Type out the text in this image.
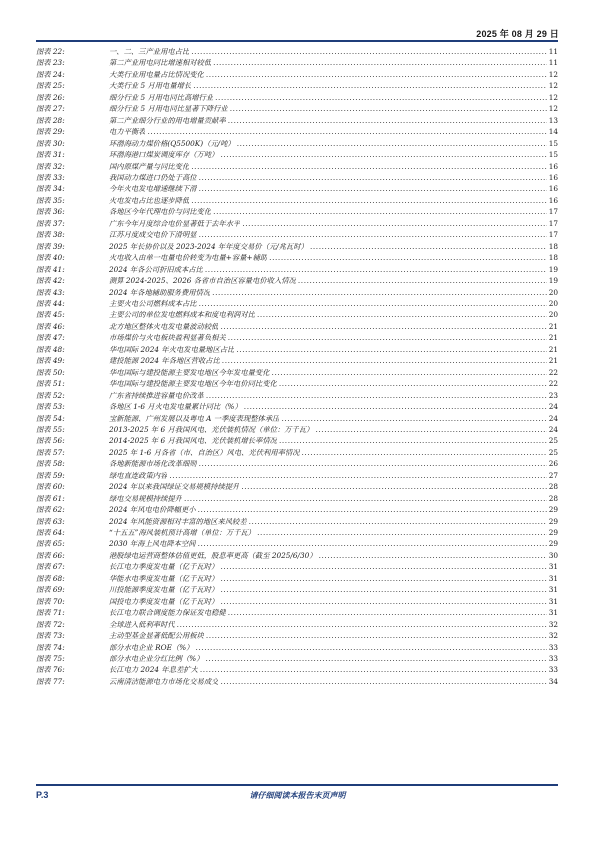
2025 年 08 月 29 日
图表 22:	一、二、三产业用电占比 .....	11
图表 23:	第二产业用电同比增速相对较低 .....	11
图表 24:	大类行业用电量占比情况变化 .....	12
图表 25:	大类行业 5 月用电量增长 .....	12
图表 26:	细分行业 5 月用电同比高增行业 .....	12
图表 27:	细分行业 5 月用电同比显著下降行业 .....	12
图表 28:	第二产业细分行业的用电增量贡献率 .....	13
图表 29:	电力平衡表 .....	14
图表 30:	环渤海动力煤价格(Q5500K)（元/吨） .....	15
图表 31:	环渤海港口煤炭调度库存（万吨） .....	15
图表 32:	国内原煤产量与同比变化 .....	16
图表 33:	我国动力煤进口仍处于高位 .....	16
图表 34:	今年火电发电增速继续下滑 .....	16
图表 35:	火电发电占比也逐步降低 .....	16
图表 36:	各地区今年代理电价与同比变化 .....	17
图表 37:	广东今年月度综合电价显著低于去年水平 .....	17
图表 38:	江苏月度成交电价下滑明显 .....	17
图表 39:	2025 年长协价以及 2023-2024 年年度交易价（元/兆瓦时） .....	18
图表 40:	火电收入由单一电量电价转变为电量+容量+辅助 .....	18
图表 41:	2024 年各公司折旧成本占比 .....	19
图表 42:	测算 2024-2025、2026 各省市自治区容量电价收入情况 .....	19
图表 43:	2024 年各地辅助服务费用情况 .....	20
图表 44:	主要火电公司燃料成本占比 .....	20
图表 45:	主要公司的单位发电燃料成本和度电利润对比 .....	20
图表 46:	北方地区整体火电发电量波动较低 .....	21
图表 47:	市场煤价与火电板块盈利显著负相关 .....	21
图表 48:	华电国际 2024 年火电发电量地区占比 .....	21
图表 49:	建投能源 2024 年各地区营收占比 .....	21
图表 50:	华电国际与建投能源主要发电地区今年发电量变化 .....	22
图表 51:	华电国际与建投能源主要发电地区今年电价同比变化 .....	22
图表 52:	广东省持续推进容量电价改革 .....	23
图表 53:	各地区 1-6 月火电发电量累计同比（%） .....	24
图表 54:	宝新能源、广州发展以及粤电 A 一季度表现整体承压 .....	24
图表 55:	2013-2025 年 6 月我国风电、光伏装机情况（单位：万千瓦） .....	24
图表 56:	2014-2025 年 6 月我国风电、光伏装机增长率情况 .....	25
图表 57:	2025 年 1-6 月各省（市、自治区）风电、光伏利用率情况 .....	25
图表 58:	各地新能源市场化改革细则 .....	26
图表 59:	绿电直连政策内容 .....	27
图表 60:	2024 年以来我国绿证交易规模持续提升 .....	28
图表 61:	绿电交易规模持续提升 .....	28
图表 62:	2024 年风电电价降幅更小 .....	29
图表 63:	2024 年风能资源相对丰富的地区来风较差 .....	29
图表 64:	“十五五”海风装机预计高增（单位：万千瓦） .....	29
图表 65:	2030 年海上风电降本空间 .....	29
图表 66:	港股绿电运营商整体估值更低，股息率更高（截至 2025/6/30） .....	30
图表 67:	长江电力季度发电量（亿千瓦时） .....	31
图表 68:	华能水电季度发电量（亿千瓦时） .....	31
图表 69:	川投能源季度发电量（亿千瓦时） .....	31
图表 70:	国投电力季度发电量（亿千瓦时） .....	31
图表 71:	长江电力联合调度能力保证发电稳健 .....	31
图表 72:	全球进入低利率时代 .....	32
图表 73:	主动型基金显著低配公用板块 .....	32
图表 74:	部分水电企业 ROE（%） .....	33
图表 75:	部分水电企业分红比例（%） .....	33
图表 76:	长江电力 2024 年息差扩大 .....	33
图表 77:	云南清洁能源电力市场化交易成交 .....	34
P.3	请仔细阅读本报告末页声明
